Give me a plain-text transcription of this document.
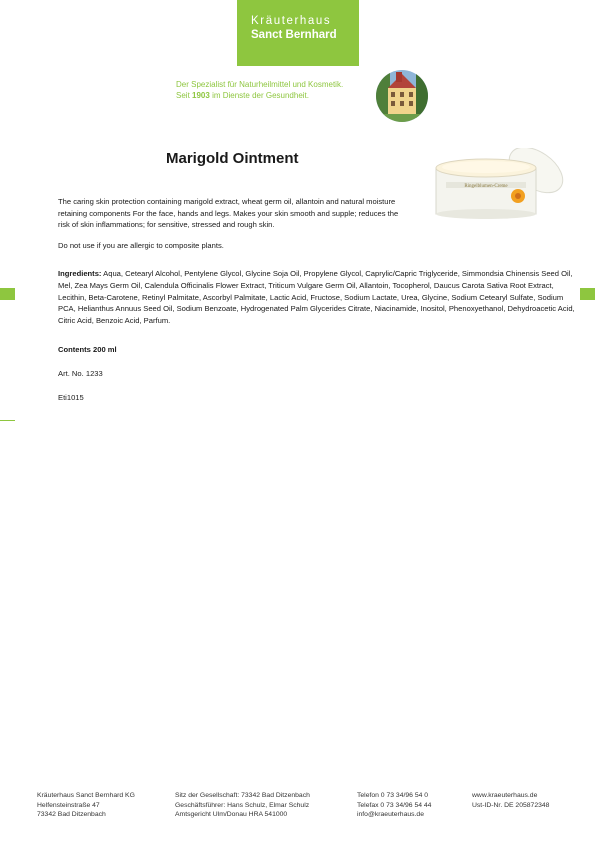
Kräuterhaus
Sanct Bernhard
Der Spezialist für Naturheilmittel und Kosmetik.
Seit 1903 im Dienste der Gesundheit.
Marigold Ointment
Ringelblumen-Creme

The caring skin protection containing marigold extract, wheat germ oil, allantoin and natural moisture retaining components For the face, hands and legs. Makes your skin smooth and supple; reduces the risk of skin inflammations; for sensitive, stressed and rough skin.

Do not use if you are allergic to composite plants.

Ingredients: Aqua, Cetearyl Alcohol, Pentylene Glycol, Glycine Soja Oil, Propylene Glycol, Caprylic/Capric Triglyceride, Simmondsia Chinensis Seed Oil, Mel, Zea Mays Germ Oil, Calendula Officinalis Flower Extract, Triticum Vulgare Germ Oil, Allantoin, Tocopherol, Daucus Carota Sativa Root Extract, Lecithin, Beta-Carotene, Retinyl Palmitate, Ascorbyl Palmitate, Lactic Acid, Fructose, Sodium Lactate, Urea, Glycine, Sodium Cetearyl Sulfate, Sodium PCA, Helianthus Annuus Seed Oil, Sodium Benzoate, Hydrogenated Palm Glycerides Citrate, Niacinamide, Inositol, Phenoxyethanol, Dehydroacetic Acid, Citric Acid, Benzoic Acid, Parfum.

Contents 200 ml

Art. No. 1233

Eti1015

Kräuterhaus Sanct Bernhard KG
Helfensteinstraße 47
73342 Bad Ditzenbach
Sitz der Gesellschaft: 73342 Bad Ditzenbach
Geschäftsführer: Hans Schulz, Elmar Schulz
Amtsgericht Ulm/Donau HRA 541000
Telefon 0 73 34/96 54 0
Telefax 0 73 34/96 54 44
info@kraeuterhaus.de
www.kraeuterhaus.de
Ust-ID-Nr. DE 205872348
